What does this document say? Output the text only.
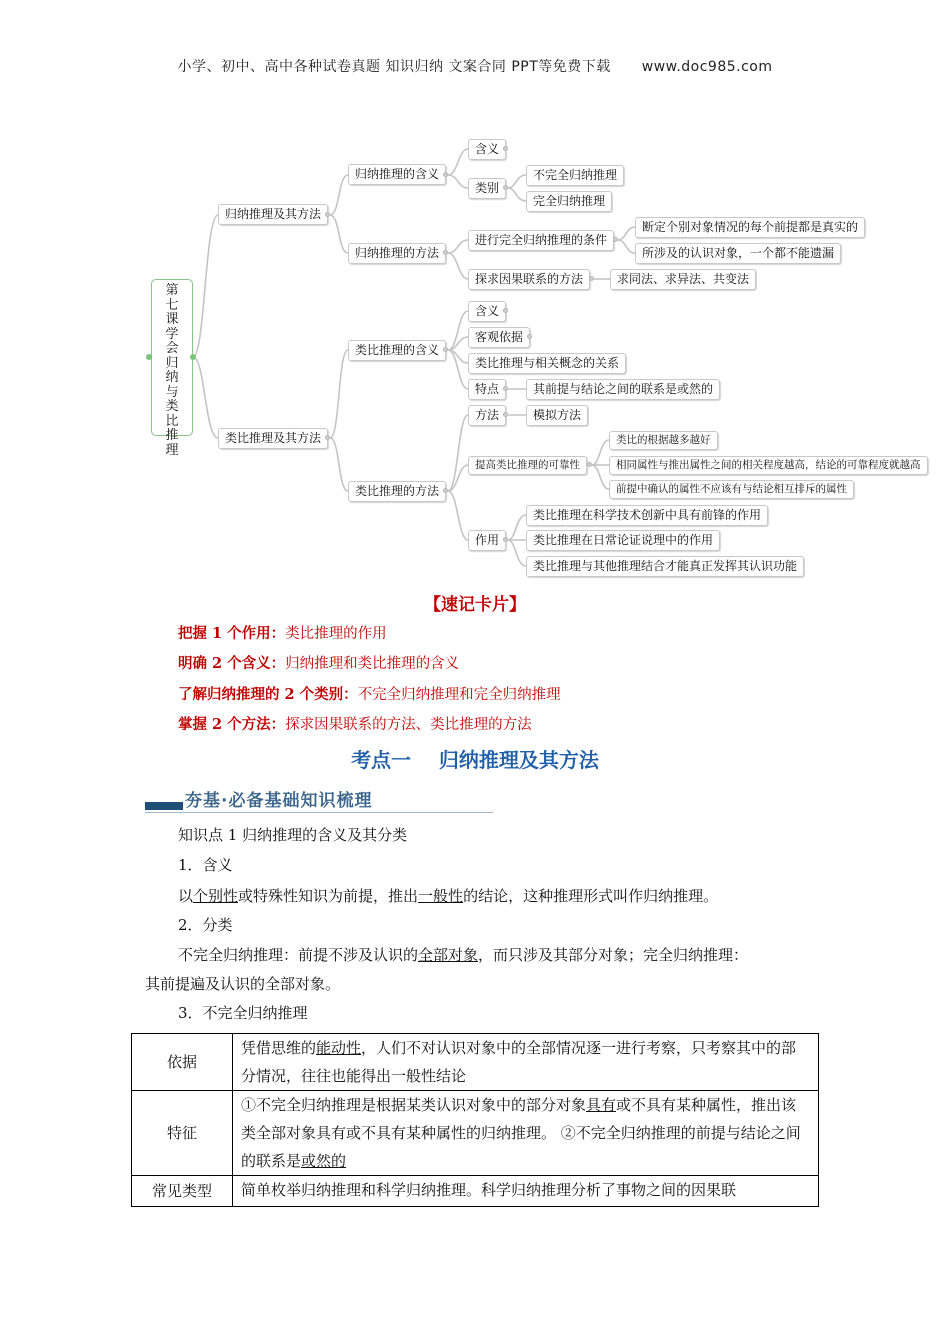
小学、初中、高中各种试卷真题 知识归纳 文案合同 PPT等免费下载 www.doc985.com
第七课 学会归纳与类比推理
归纳推理及其方法
类比推理及其方法
归纳推理的含义
含义
类别
不完全归纳推理
完全归纳推理
归纳推理的方法
进行完全归纳推理的条件
断定个别对象情况的每个前提都是真实的
所涉及的认识对象，一个都不能遗漏
探求因果联系的方法	求同法、求异法、共变法
类比推理的含义
含义
客观依据
类比推理与相关概念的关系
特点	其前提与结论之间的联系是或然的
类比推理的方法
方法	模拟方法
提高类比推理的可靠性
类比的根据越多越好
相同属性与推出属性之间的相关程度越高，结论的可靠程度就越高
前提中确认的属性不应该有与结论相互排斥的属性
作用
类比推理在科学技术创新中具有前锋的作用
类比推理在日常论证说理中的作用
类比推理与其他推理结合才能真正发挥其认识功能
【速记卡片】
把握 1 个作用：类比推理的作用
明确 2 个含义：归纳推理和类比推理的含义
了解归纳推理的 2 个类别：不完全归纳推理和完全归纳推理
掌握 2 个方法：探求因果联系的方法、类比推理的方法
考点一    归纳推理及其方法
夯基·必备基础知识梳理
知识点 1 归纳推理的含义及其分类
1．含义
以个别性或特殊性知识为前提，推出一般性的结论，这种推理形式叫作归纳推理。
2．分类
不完全归纳推理：前提不涉及认识的全部对象，而只涉及其部分对象；完全归纳推理：
其前提遍及认识的全部对象。
3．不完全归纳推理
依据	凭借思维的能动性，人们不对认识对象中的全部情况逐一进行考察，只考察其中的部分情况，往往也能得出一般性结论
特征	①不完全归纳推理是根据某类认识对象中的部分对象具有或不具有某种属性，推出该类全部对象具有或不具有某种属性的归纳推理。 ②不完全归纳推理的前提与结论之间的联系是或然的
常见类型	简单枚举归纳推理和科学归纳推理。科学归纳推理分析了事物之间的因果联
